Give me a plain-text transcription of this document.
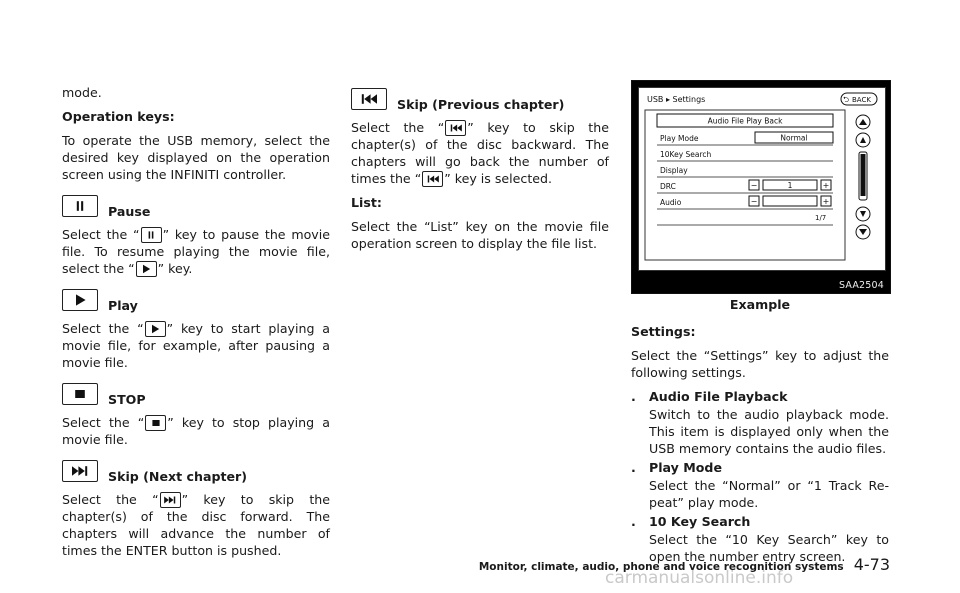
mode.

Operation keys:

To operate the USB memory, select the desired key displayed on the operation screen using the INFINITI controller.

Pause

Select the “ ” key to pause the movie file. To resume playing the movie file, select the “ ” key.

Play

Select the “ ” key to start playing a movie file, for example, after pausing a movie file.

STOP

Select the “ ” key to stop playing a movie file.

Skip (Next chapter)

Select the “ ” key to skip the chapter(s) of the disc forward. The chapters will advance the number of times the ENTER button is pushed.

Skip (Previous chapter)

Select the “ ” key to skip the chapter(s) of the disc backward. The chapters will go back the number of times the “ ” key is selected.

List:

Select the “List” key on the movie file operation screen to display the file list.

USB ▸ Settings	⮌ BACK
Audio File Play Back
Play Mode	Normal
10Key Search
Display
DRC	−	1	+
Audio	−	+
1/7
SAA2504
Example
Settings:

Select the “Settings” key to adjust the following settings.

.	Audio File Playback

Switch to the audio playback mode. This item is displayed only when the USB memory contains the audio files.

.	Play Mode

Select the “Normal” or “1 Track Re-peat” play mode.

.	10 Key Search

Select the “10 Key Search” key to open the number entry screen.

Monitor, climate, audio, phone and voice recognition systems 4-73
carmanualsonline.info
